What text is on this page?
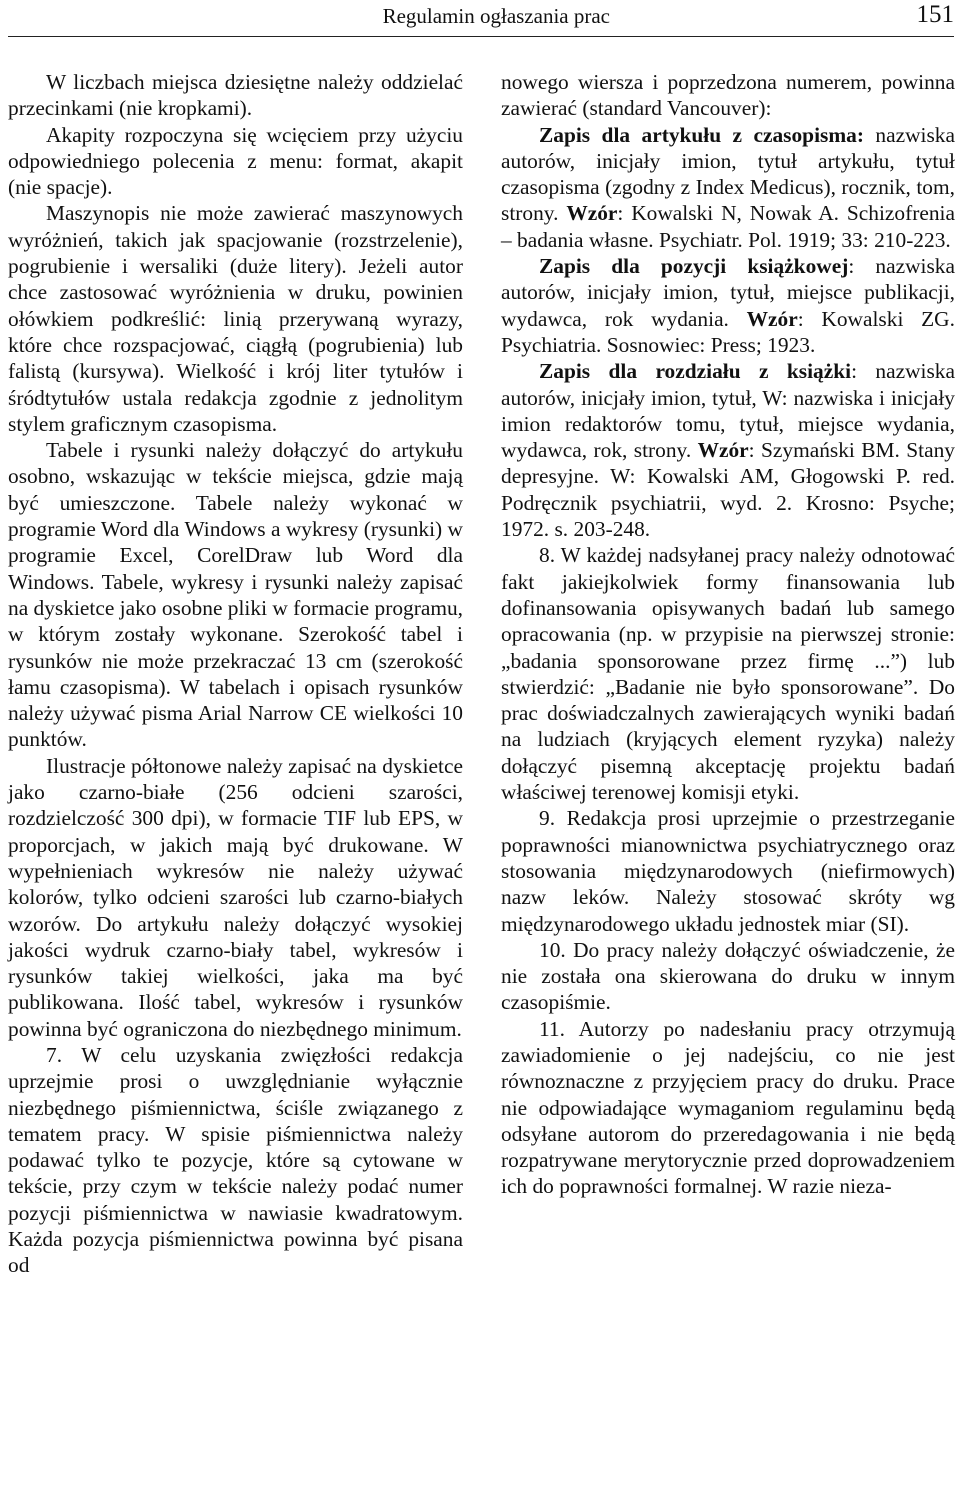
Regulamin ogłaszania prac	151

W liczbach miejsca dziesiętne należy oddzielać przecinkami (nie kropkami).

Akapity rozpoczyna się wcięciem przy użyciu odpowiedniego polecenia z menu: format, akapit (nie spacje).

Maszynopis nie może zawierać maszynowych wyróżnień, takich jak spacjowanie (rozstrzelenie), pogrubienie i wersaliki (duże litery). Jeżeli autor chce zastosować wyróżnienia w druku, powinien ołówkiem podkreślić: linią przerywaną wyrazy, które chce rozspacjować, ciągłą (pogrubienia) lub falistą (kursywa). Wielkość i krój liter tytułów i śródtytułów ustala redakcja zgodnie z jednolitym stylem graficznym czasopisma.

Tabele i rysunki należy dołączyć do artykułu osobno, wskazując w tekście miejsca, gdzie mają być umieszczone. Tabele należy wykonać w programie Word dla Windows a wykresy (rysunki) w programie Excel, CorelDraw lub Word dla Windows. Tabele, wykresy i rysunki należy zapisać na dyskietce jako osobne pliki w formacie programu, w którym zostały wykonane. Szerokość tabel i rysunków nie może przekraczać 13 cm (szerokość łamu czasopisma). W tabelach i opisach rysunków należy używać pisma Arial Narrow CE wielkości 10 punktów.

Ilustracje półtonowe należy zapisać na dyskietce jako czarno-białe (256 odcieni szarości, rozdzielczość 300 dpi), w formacie TIF lub EPS, w proporcjach, w jakich mają być drukowane. W wypełnieniach wykresów nie należy używać kolorów, tylko odcieni szarości lub czarno-białych wzorów. Do artykułu należy dołączyć wysokiej jakości wydruk czarno-biały tabel, wykresów i rysunków takiej wielkości, jaka ma być publikowana. Ilość tabel, wykresów i rysunków powinna być ograniczona do niezbędnego minimum.

7. W celu uzyskania zwięzłości redakcja uprzejmie prosi o uwzględnianie wyłącznie niezbędnego piśmiennictwa, ściśle związanego z tematem pracy. W spisie piśmiennictwa należy podawać tylko te pozycje, które są cytowane w tekście, przy czym w tekście należy podać numer pozycji piśmiennictwa w nawiasie kwadratowym. Każda pozycja piśmiennictwa powinna być pisana od

nowego wiersza i poprzedzona numerem, powinna zawierać (standard Vancouver):

Zapis dla artykułu z czasopisma: nazwiska autorów, inicjały imion, tytuł artykułu, tytuł czasopisma (zgodny z Index Medicus), rocznik, tom, strony. Wzór: Kowalski N, Nowak A. Schizofrenia – badania własne. Psychiatr. Pol. 1919; 33: 210-223.

Zapis dla pozycji książkowej: nazwiska autorów, inicjały imion, tytuł, miejsce publikacji, wydawca, rok wydania. Wzór: Kowalski ZG. Psychiatria. Sosnowiec: Press; 1923.

Zapis dla rozdziału z książki: nazwiska autorów, inicjały imion, tytuł, W: nazwiska i inicjały imion redaktorów tomu, tytuł, miejsce wydania, wydawca, rok, strony. Wzór: Szymański BM. Stany depresyjne. W: Kowalski AM, Głogowski P. red. Podręcznik psychiatrii, wyd. 2. Krosno: Psyche; 1972. s. 203-248.

8. W każdej nadsyłanej pracy należy odnotować fakt jakiejkolwiek formy finansowania lub dofinansowania opisywanych badań lub samego opracowania (np. w przypisie na pierwszej stronie: „badania sponsorowane przez firmę ...”) lub stwierdzić: „Badanie nie było sponsorowane”. Do prac doświadczalnych zawierających wyniki badań na ludziach (kryjących element ryzyka) należy dołączyć pisemną akceptację projektu badań właściwej terenowej komisji etyki.

9. Redakcja prosi uprzejmie o przestrzeganie poprawności mianownictwa psychiatrycznego oraz stosowania międzynarodowych (niefirmowych) nazw leków. Należy stosować skróty wg międzynarodowego układu jednostek miar (SI).

10. Do pracy należy dołączyć oświadczenie, że nie została ona skierowana do druku w innym czasopiśmie.

11. Autorzy po nadesłaniu pracy otrzymują zawiadomienie o jej nadejściu, co nie jest równoznaczne z przyjęciem pracy do druku. Prace nie odpowiadające wymaganiom regulaminu będą odsyłane autorom do przeredagowania i nie będą rozpatrywane merytorycznie przed doprowadzeniem ich do poprawności formalnej. W razie nieza-
